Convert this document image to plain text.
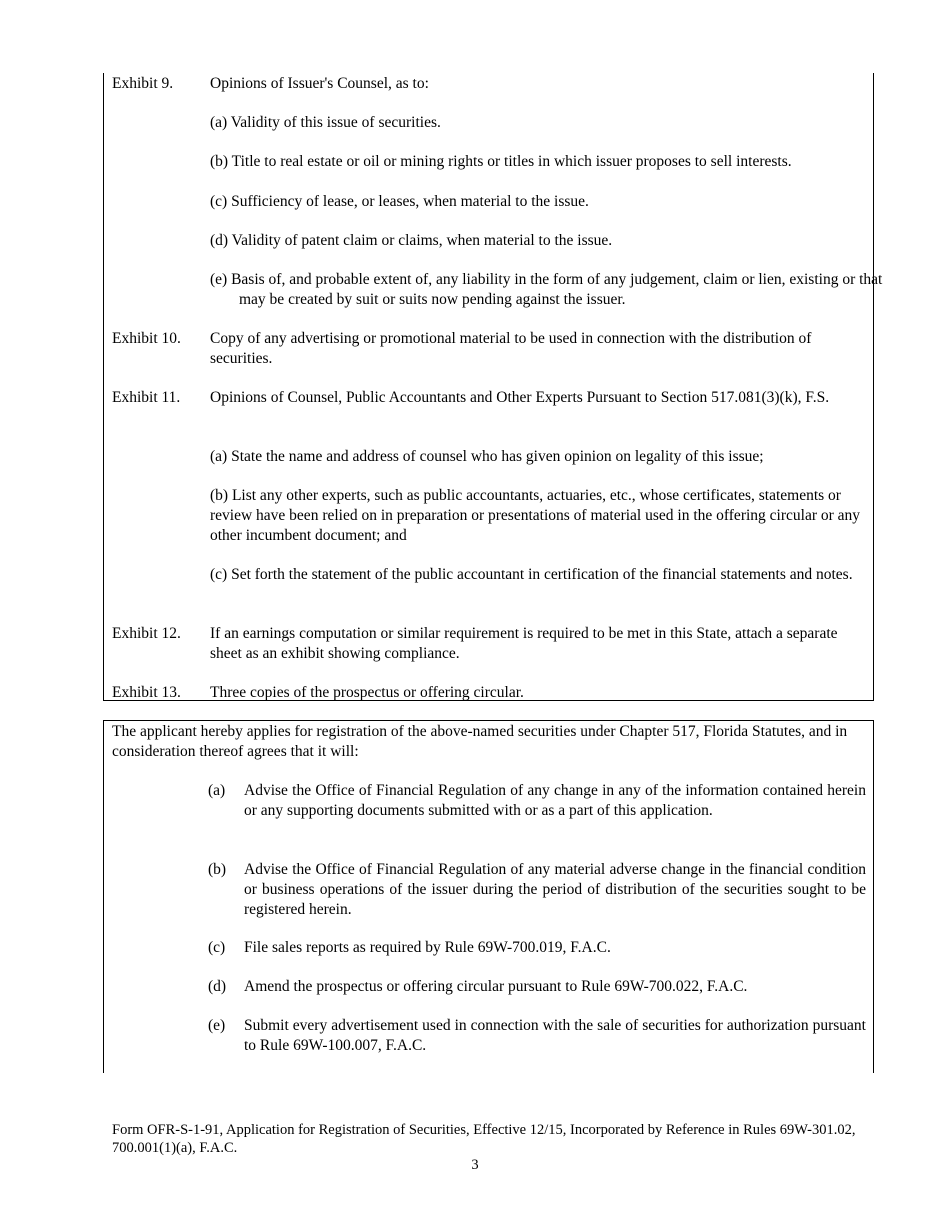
Exhibit 9. Opinions of Issuer's Counsel, as to:

(a) Validity of this issue of securities.

(b) Title to real estate or oil or mining rights or titles in which issuer proposes to sell interests.

(c) Sufficiency of lease, or leases, when material to the issue.

(d) Validity of patent claim or claims, when material to the issue.

(e) Basis of, and probable extent of, any liability in the form of any judgement, claim or lien, existing or that may be created by suit or suits now pending against the issuer.

Exhibit 10. Copy of any advertising or promotional material to be used in connection with the distribution of securities.

Exhibit 11. Opinions of Counsel, Public Accountants and Other Experts Pursuant to Section 517.081(3)(k), F.S.

(a) State the name and address of counsel who has given opinion on legality of this issue;

(b) List any other experts, such as public accountants, actuaries, etc., whose certificates, statements or review have been relied on in preparation or presentations of material used in the offering circular or any other incumbent document; and

(c) Set forth the statement of the public accountant in certification of the financial statements and notes.

Exhibit 12. If an earnings computation or similar requirement is required to be met in this State, attach a separate sheet as an exhibit showing compliance.

Exhibit 13. Three copies of the prospectus or offering circular.

The applicant hereby applies for registration of the above-named securities under Chapter 517, Florida Statutes, and in consideration thereof agrees that it will:

(a) Advise the Office of Financial Regulation of any change in any of the information contained herein or any supporting documents submitted with or as a part of this application.

(b) Advise the Office of Financial Regulation of any material adverse change in the financial condition or business operations of the issuer during the period of distribution of the securities sought to be registered herein.

(c) File sales reports as required by Rule 69W-700.019, F.A.C.

(d) Amend the prospectus or offering circular pursuant to Rule 69W-700.022, F.A.C.

(e) Submit every advertisement used in connection with the sale of securities for authorization pursuant to Rule 69W-100.007, F.A.C.

Form OFR-S-1-91, Application for Registration of Securities, Effective 12/15, Incorporated by Reference in Rules 69W-301.02, 700.001(1)(a), F.A.C.

3
